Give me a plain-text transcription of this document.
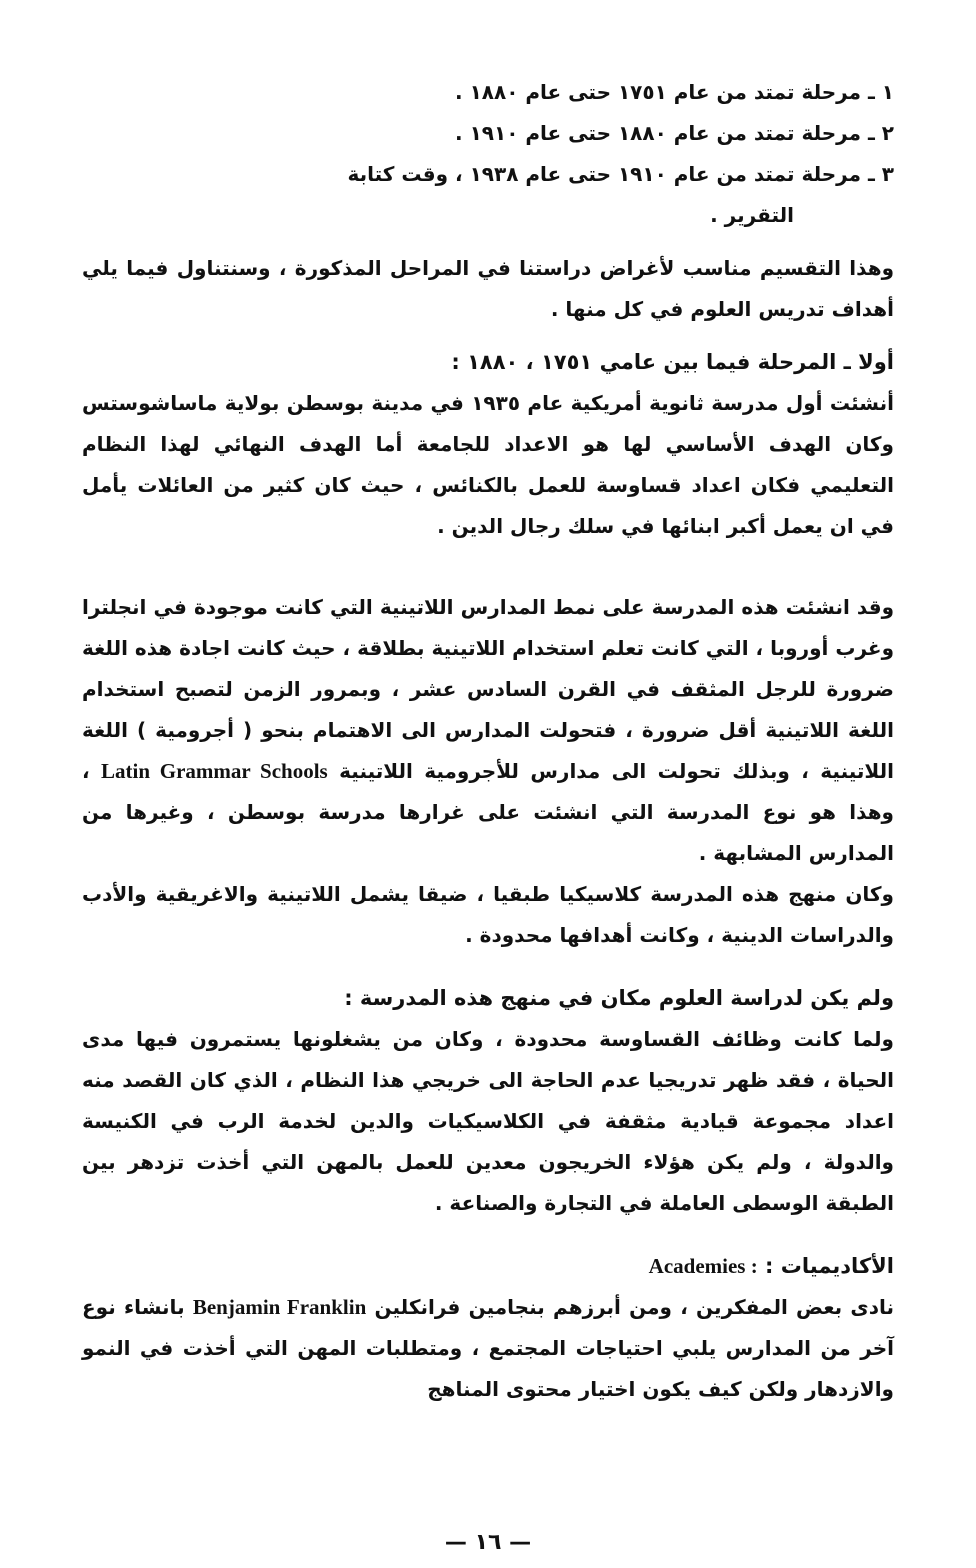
١ ـ مرحلة تمتد من عام ١٧٥١ حتى عام ١٨٨٠ .
٢ ـ مرحلة تمتد من عام ١٨٨٠ حتى عام ١٩١٠ .
٣ ـ مرحلة تمتد من عام ١٩١٠ حتى عام ١٩٣٨ ، وقت كتابة
التقرير .

وهذا التقسيم مناسب لأغراض دراستنا في المراحل المذكورة ، وسنتناول فيما يلي أهداف تدريس العلوم في كل منها .

أولا ـ المرحلة فيما بين عامي ١٧٥١ ، ١٨٨٠ :

أنشئت أول مدرسة ثانوية أمريكية عام ١٩٣٥ في مدينة بوسطن بولاية ماساشوستس وكان الهدف الأساسي لها هو الاعداد للجامعة أما الهدف النهائي لهذا النظام التعليمي فكان اعداد قساوسة للعمل بالكنائس ، حيث كان كثير من العائلات يأمل في ان يعمل أكبر ابنائها في سلك رجال الدين .

وقد انشئت هذه المدرسة على نمط المدارس اللاتينية التي كانت موجودة في انجلترا وغرب أوروبا ، التي كانت تعلم استخدام اللاتينية بطلاقة ، حيث كانت اجادة هذه اللغة ضرورة للرجل المثقف في القرن السادس عشر ، وبمرور الزمن لتصبح استخدام اللغة اللاتينية أقل ضرورة ، فتحولت المدارس الى الاهتمام بنحو ( أجرومية ) اللغة اللاتينية ، وبذلك تحولت الى مدارس للأجرومية اللاتينية Latin Grammar Schools ، وهذا هو نوع المدرسة التي انشئت على غرارها مدرسة بوسطن ، وغيرها من المدارس المشابهة .

وكان منهج هذه المدرسة كلاسيكيا طبقيا ، ضيقا يشمل اللاتينية والاغريقية والأدب والدراسات الدينية ، وكانت أهدافها محدودة .

ولم يكن لدراسة العلوم مكان في منهج هذه المدرسة :

ولما كانت وظائف القساوسة محدودة ، وكان من يشغلونها يستمرون فيها مدى الحياة ، فقد ظهر تدريجيا عدم الحاجة الى خريجي هذا النظام ، الذي كان القصد منه اعداد مجموعة قيادية مثقفة في الكلاسيكيات والدين لخدمة الرب في الكنيسة والدولة ، ولم يكن هؤلاء الخريجون معدين للعمل بالمهن التي أخذت تزدهر بين الطبقة الوسطى العاملة في التجارة والصناعة .

الأكاديميات : Academies :

نادى بعض المفكرين ، ومن أبرزهم بنجامين فرانكلين Benjamin Franklin بانشاء نوع آخر من المدارس يلبي احتياجات المجتمع ، ومتطلبات المهن التي أخذت في النمو والازدهار ولكن كيف يكون اختيار محتوى المناهج

— ١٦ —
